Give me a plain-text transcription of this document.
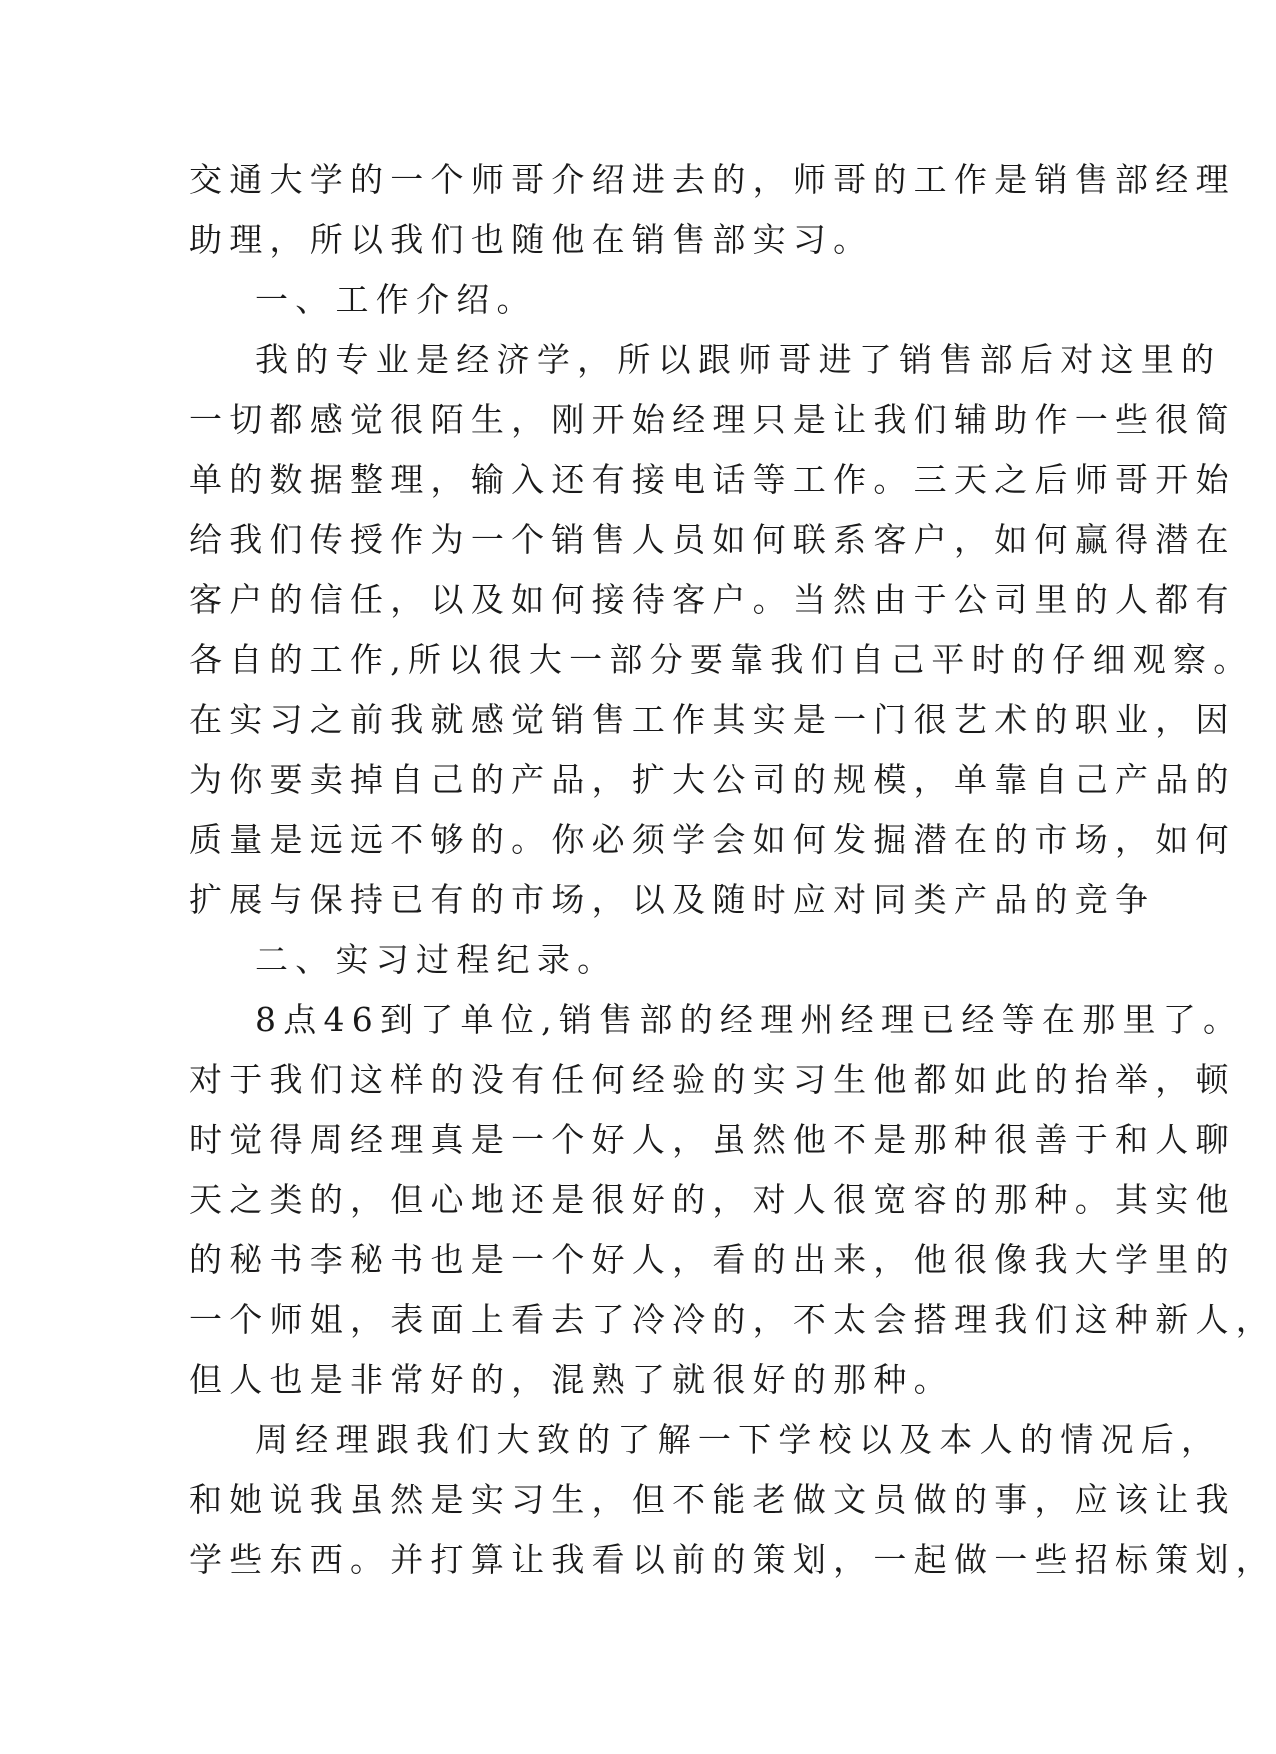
交通大学的一个师哥介绍进去的，师哥的工作是销售部经理
助理，所以我们也随他在销售部实习。
一、工作介绍。
我的专业是经济学，所以跟师哥进了销售部后对这里的
一切都感觉很陌生，刚开始经理只是让我们辅助作一些很简
单的数据整理，输入还有接电话等工作。三天之后师哥开始
给我们传授作为一个销售人员如何联系客户，如何赢得潜在
客户的信任，以及如何接待客户。当然由于公司里的人都有
各自的工作,所以很大一部分要靠我们自己平时的仔细观察。
在实习之前我就感觉销售工作其实是一门很艺术的职业，因
为你要卖掉自己的产品，扩大公司的规模，单靠自己产品的
质量是远远不够的。你必须学会如何发掘潜在的市场，如何
扩展与保持已有的市场，以及随时应对同类产品的竞争
二、实习过程纪录。
8点46到了单位,销售部的经理州经理已经等在那里了。
对于我们这样的没有任何经验的实习生他都如此的抬举，顿
时觉得周经理真是一个好人，虽然他不是那种很善于和人聊
天之类的，但心地还是很好的，对人很宽容的那种。其实他
的秘书李秘书也是一个好人，看的出来，他很像我大学里的
一个师姐，表面上看去了冷冷的，不太会搭理我们这种新人，
但人也是非常好的，混熟了就很好的那种。
周经理跟我们大致的了解一下学校以及本人的情况后，
和她说我虽然是实习生，但不能老做文员做的事，应该让我
学些东西。并打算让我看以前的策划，一起做一些招标策划，
